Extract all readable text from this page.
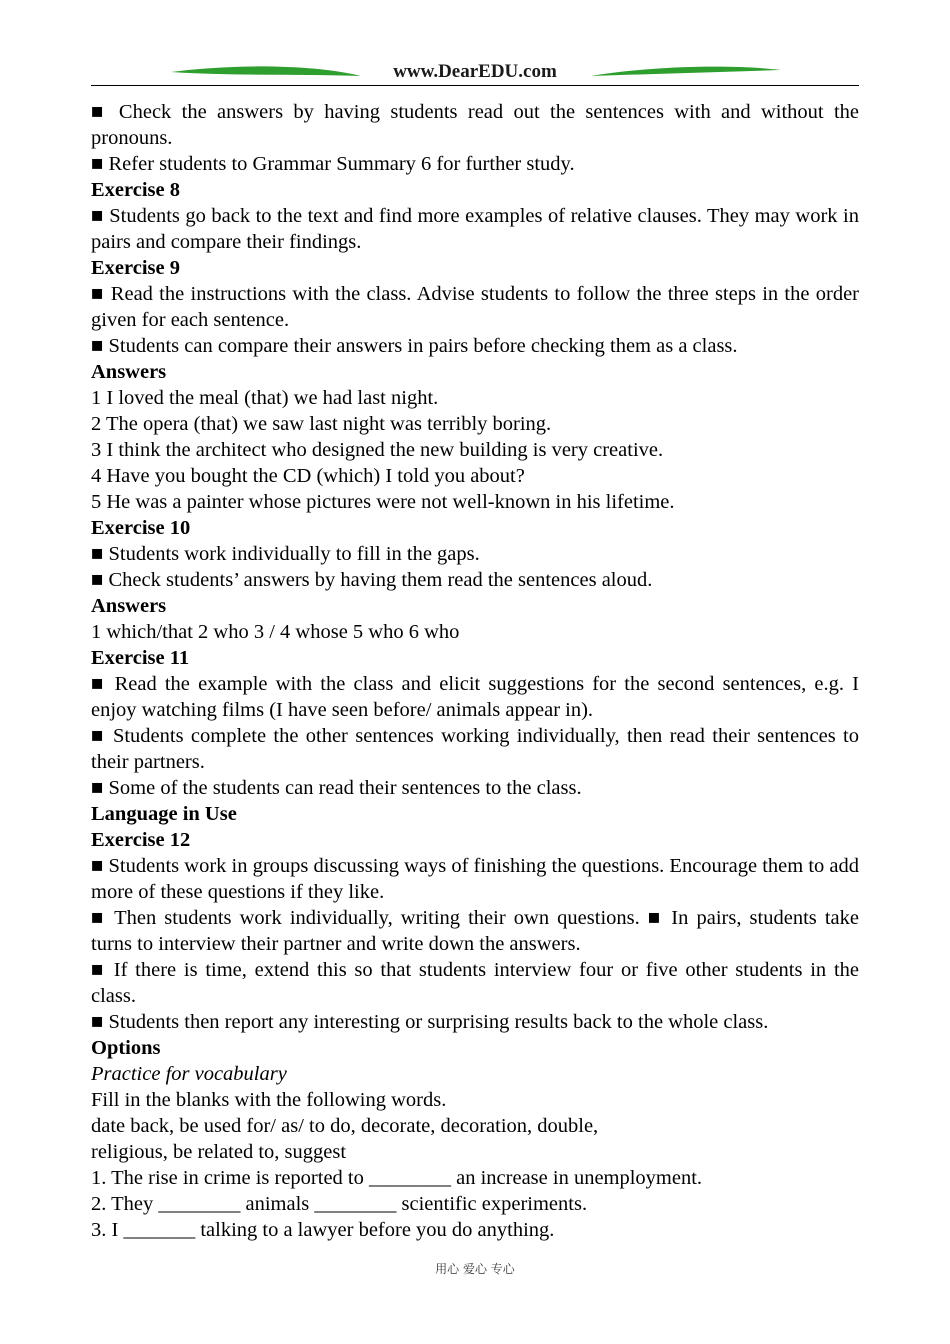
www.DearEDU.com

■ Check the answers by having students read out the sentences with and without the pronouns.

■ Refer students to Grammar Summary 6 for further study.

Exercise 8

■ Students go back to the text and find more examples of relative clauses. They may work in pairs and compare their findings.

Exercise 9

■ Read the instructions with the class. Advise students to follow the three steps in the order given for each sentence.

■ Students can compare their answers in pairs before checking them as a class.

Answers

1 I loved the meal (that) we had last night.

2 The opera (that) we saw last night was terribly boring.

3 I think the architect who designed the new building is very creative.

4 Have you bought the CD (which) I told you about?

5 He was a painter whose pictures were not well-known in his lifetime.

Exercise 10

■ Students work individually to fill in the gaps.

■ Check students’ answers by having them read the sentences aloud.

Answers

1 which/that 2 who 3 / 4 whose 5 who 6 who

Exercise 11

■ Read the example with the class and elicit suggestions for the second sentences, e.g. I enjoy watching films (I have seen before/ animals appear in).

■ Students complete the other sentences working individually, then read their sentences to their partners.

■ Some of the students can read their sentences to the class.

Language in Use

Exercise 12

■ Students work in groups discussing ways of finishing the questions. Encourage them to add more of these questions if they like.

■ Then students work individually, writing their own questions. ■ In pairs, students take turns to interview their partner and write down the answers.

■ If there is time, extend this so that students interview four or five other students in the class.

■ Students then report any interesting or surprising results back to the whole class.

Options

Practice for vocabulary

Fill in the blanks with the following words.

date back, be used for/ as/ to do, decorate, decoration, double,

religious, be related to, suggest

1. The rise in crime is reported to ________ an increase in unemployment.

2. They ________ animals ________ scientific experiments.

3. I _______ talking to a lawyer before you do anything.

用心 爱心 专心
